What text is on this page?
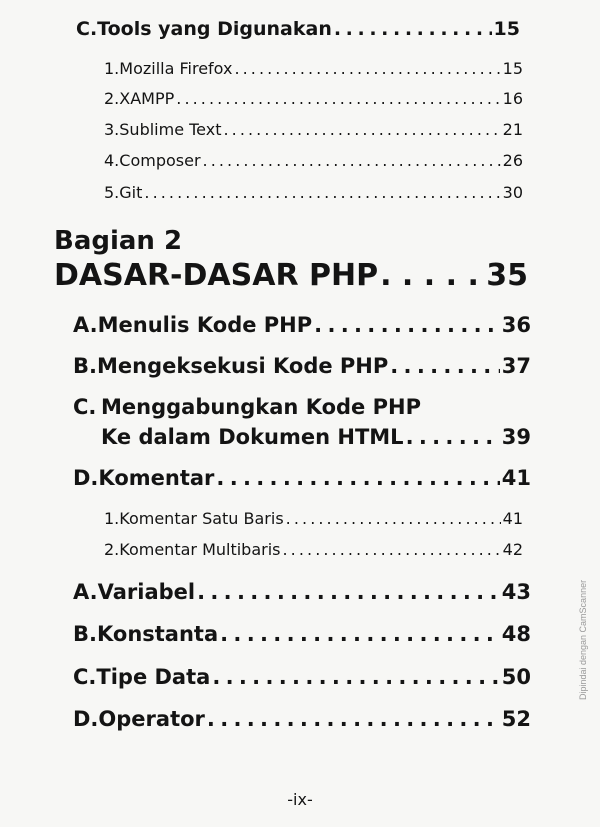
C. Tools yang Digunakan . . .	15
1. Mozilla Firefox . . .	15
2. XAMPP . . .	16
3. Sublime Text . . .	21
4. Composer . . .	26
5. Git . . .	30
Bagian 2
DASAR-DASAR PHP . . .	35
A. Menulis Kode PHP . . .	36
B. Mengeksekusi Kode PHP . . .	37
C. Menggabungkan Kode PHP
Ke dalam Dokumen HTML . . .	39
D. Komentar . . .	41
1. Komentar Satu Baris . . .	41
2. Komentar Multibaris . . .	42
A. Variabel . . .	43
B. Konstanta . . .	48
C. Tipe Data . . .	50
D. Operator . . .	52
-ix-
Dipindai dengan CamScanner
